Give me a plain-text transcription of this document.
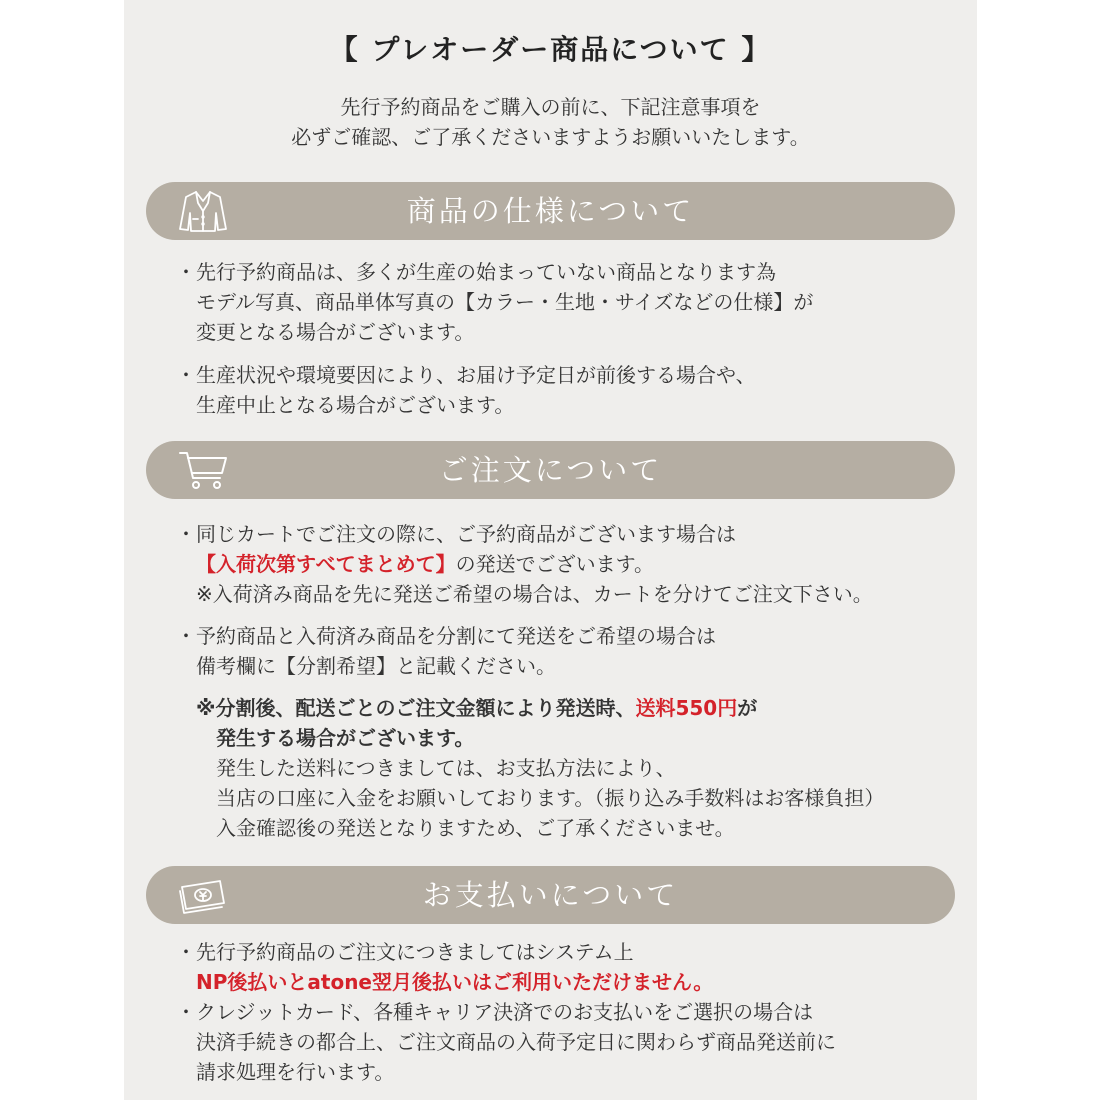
【 プレオーダー商品について 】
先行予約商品をご購入の前に、下記注意事項を
必ずご確認、ご了承くださいますようお願いいたします。
商品の仕様について
・先行予約商品は、多くが生産の始まっていない商品となります為
モデル写真、商品単体写真の【カラー・生地・サイズなどの仕様】が
変更となる場合がございます。
・生産状況や環境要因により、お届け予定日が前後する場合や、
生産中止となる場合がございます。
ご注文について
・同じカートでご注文の際に、ご予約商品がございます場合は
【入荷次第すべてまとめて】の発送でございます。
※入荷済み商品を先に発送ご希望の場合は、カートを分けてご注文下さい。
・予約商品と入荷済み商品を分割にて発送をご希望の場合は
備考欄に【分割希望】と記載ください。
※分割後、配送ごとのご注文金額により発送時、送料550円が
発生する場合がございます。
発生した送料につきましては、お支払方法により、
当店の口座に入金をお願いしております。（振り込み手数料はお客様負担）
入金確認後の発送となりますため、ご了承くださいませ。
お支払いについて
・先行予約商品のご注文につきましてはシステム上
NP後払いとatone翌月後払いはご利用いただけません。
・クレジットカード、各種キャリア決済でのお支払いをご選択の場合は
決済手続きの都合上、ご注文商品の入荷予定日に関わらず商品発送前に
請求処理を行います。
